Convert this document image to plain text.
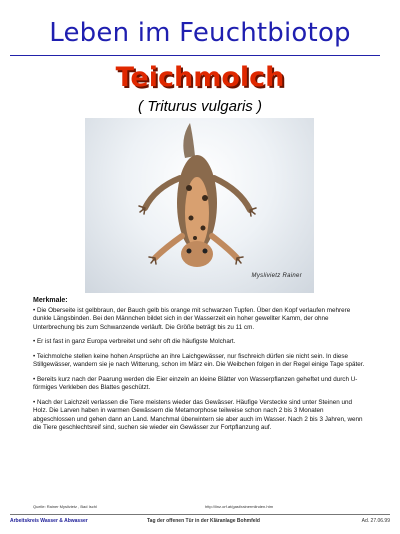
Leben im Feuchtbiotop
Teichmolch
( Triturus vulgaris )
Myslivietz Rainer
Merkmale:

• Die Oberseite ist gelbbraun, der Bauch gelb bis orange mit schwarzen Tupfen. Über den Kopf verlaufen mehrere dunkle Längsbinden. Bei den Männchen bildet sich in der Wasserzeit ein hoher gewellter Kamm, der ohne Unterbrechung bis zum Schwanzende verläuft. Die Größe beträgt bis zu 11 cm.

• Er ist fast in ganz Europa verbreitet und sehr oft die häufigste Molchart.

• Teichmolche stellen keine hohen Ansprüche an ihre Laichgewässer, nur fischreich dürfen sie nicht sein. In diese Stillgewässer, wandern sie je nach Witterung, schon im März ein. Die Weibchen folgen in der Regel einige Tage später.

• Bereits kurz nach der Paarung werden die Eier einzeln an kleine Blätter von Wasserpflanzen geheftet und durch U-förmiges Verkleben des Blattes geschützt.

• Nach der Laichzeit verlassen die Tiere meistens wieder das Gewässer. Häufige Verstecke sind unter Steinen und Holz. Die Larven haben in warmen Gewässern die Metamorphose teilweise schon nach 2 bis 3 Monaten abgeschlossen und gehen dann an Land. Manchmal überwintern sie aber auch im Wasser. Nach 2 bis 3 Jahren, wenn die Tiere geschlechtsreif sind, suchen sie wieder ein Gewässer zur Fortpflanzung auf.

Quelle: Rainer Myslivietz , Bad Ischl	http://linz.orf.at/gast/rainermlinden.htm
Arbeitskreis Wasser & Abwasser	Tag der offenen Tür in der Kläranlage Bohmfeld	Ad. 27.06.99
